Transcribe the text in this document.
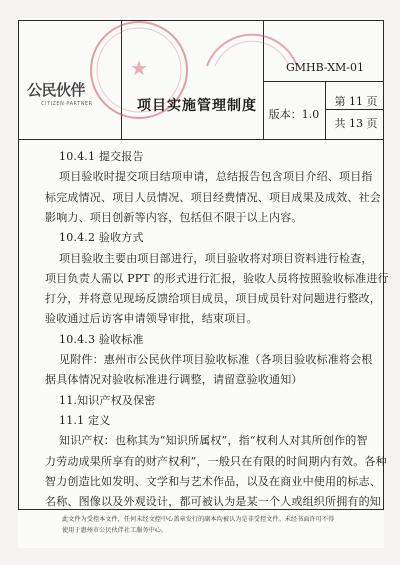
★
公民伙伴
CITIZEN·PARTNER	项目实施管理制度
GMHB-XM-01
版本：1.0
第 11 页
共 13 页
10.4.1 提交报告
项目验收时提交项目结项申请，总结报告包含项目介绍、项目指
标完成情况、项目人员情况、项目经费情况、项目成果及成效、社会
影响力、项目创新等内容，包括但不限于以上内容。
10.4.2 验收方式
项目验收主要由项目部进行，项目验收将对项目资料进行检查，
项目负责人需以 PPT 的形式进行汇报，验收人员将按照验收标准进行
打分，并将意见现场反馈给项目成员，项目成员针对问题进行整改，
验收通过后访客申请领导审批，结束项目。
10.4.3 验收标准
见附件：惠州市公民伙伴项目验收标准（各项目验收标准将会根
据具体情况对验收标准进行调整，请留意验收通知）
11.知识产权及保密
11.1 定义
知识产权：也称其为“知识所属权”，指“权利人对其所创作的智
力劳动成果所享有的财产权利”，一般只在有限的时间期内有效。各种
智力创造比如发明、文学和与艺术作品，以及在商业中使用的标志、
名称、图像以及外观设计，都可被认为是某一个人或组织所拥有的知
此文件为受控本文件，任何未经文控中心盖章发行的副本均被认为是非受控文件。未经书面许可不得
使用于惠州市公民伙伴社工服务中心。
